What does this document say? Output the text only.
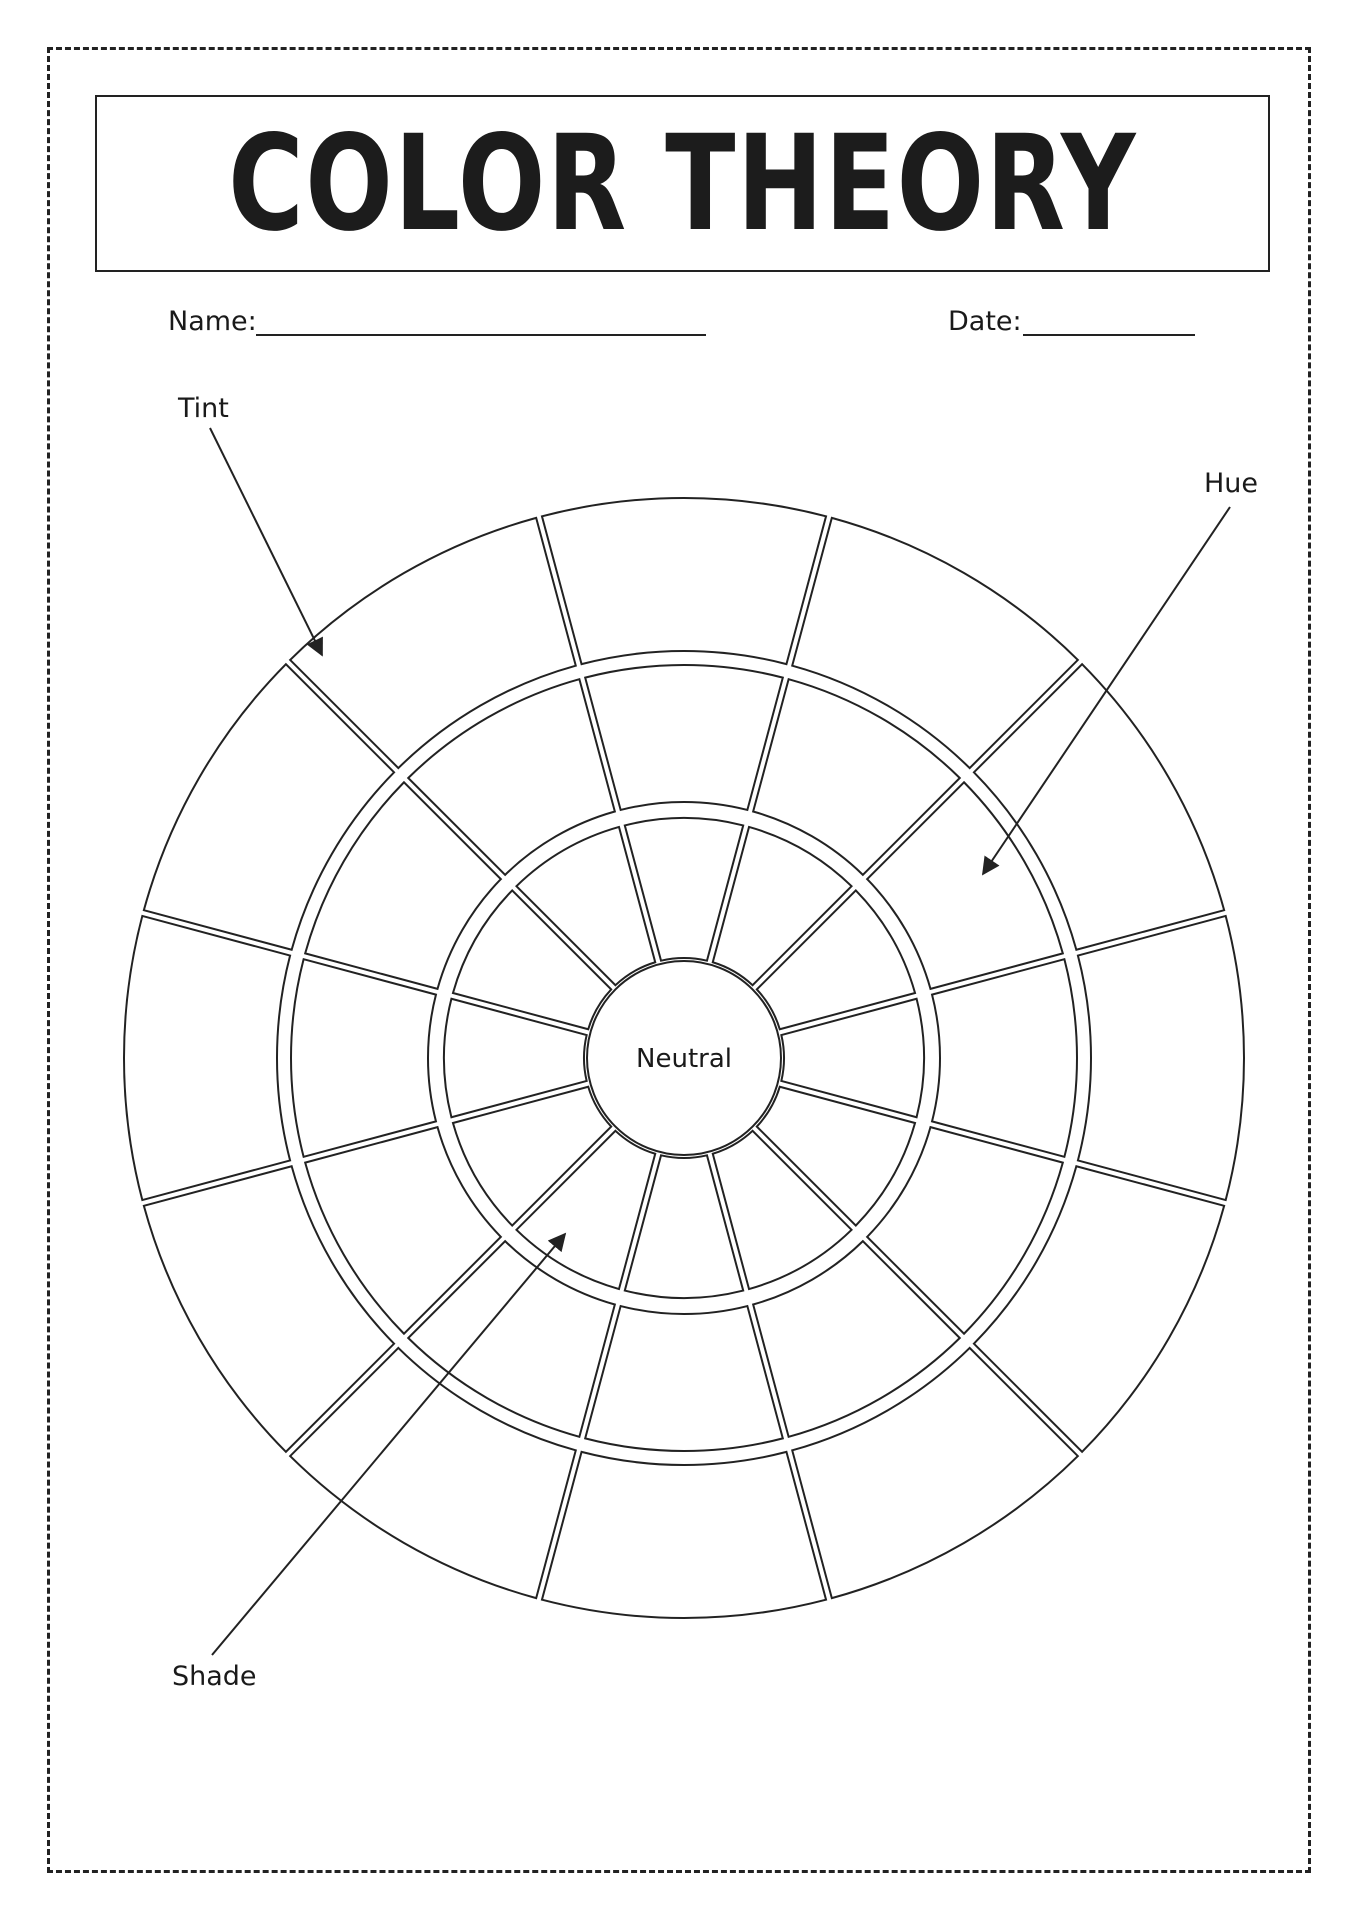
COLOR THEORY
Name:	Date:
Neutral
Tint
Hue
Shade
